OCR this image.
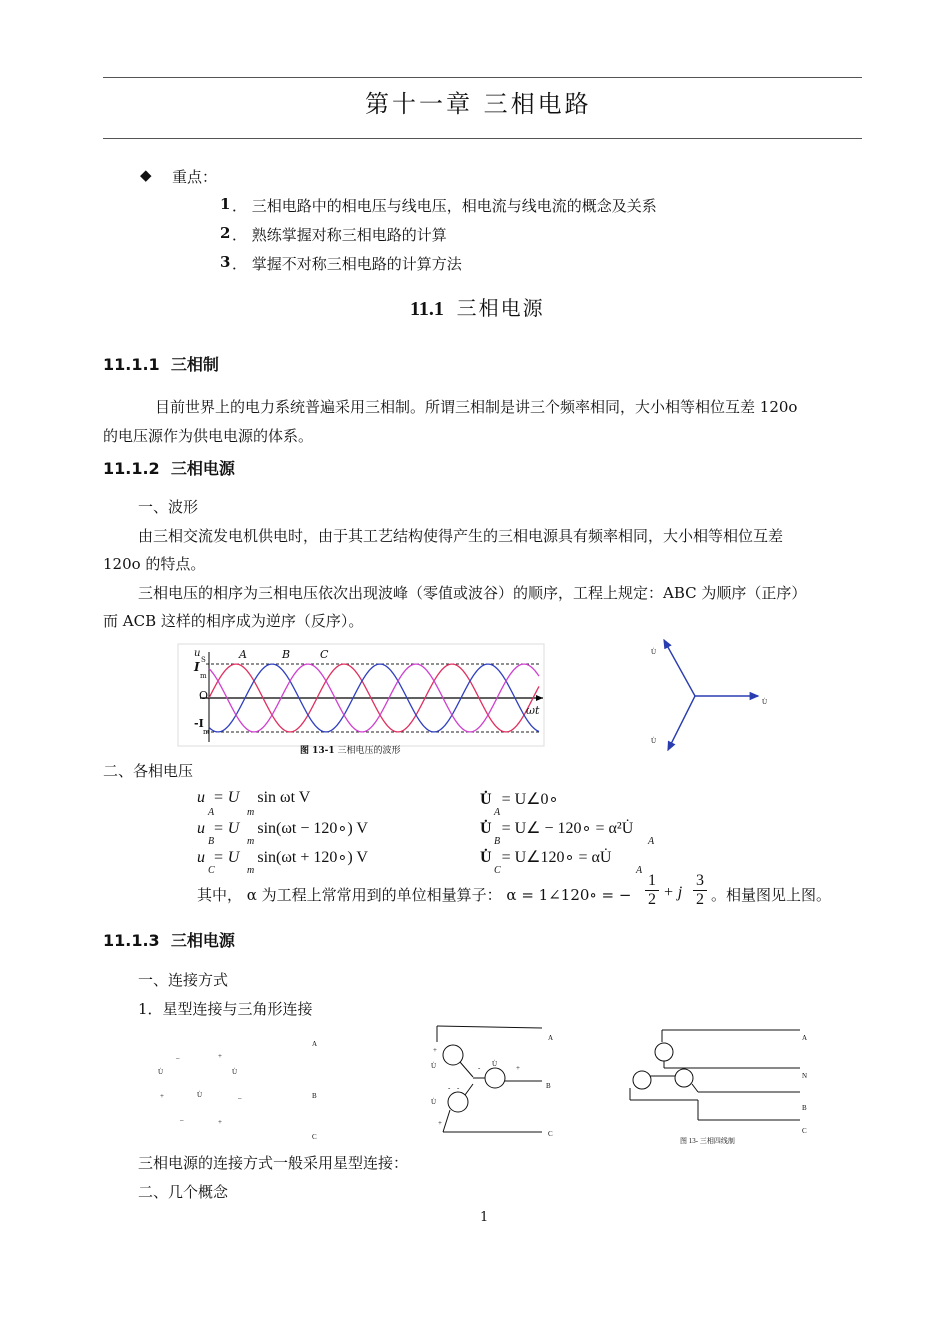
第十一章 三相电路
◆ 重点：
1 ． 三相电路中的相电压与线电压，相电流与线电流的概念及关系
2 ． 熟练掌握对称三相电路的计算
3 ． 掌握不对称三相电路的计算方法
11.1 三相电源
11.1.1 三相制
目前世界上的电力系统普遍采用三相制。所谓三相制是讲三个频率相同，大小相等相位互差 120o
的电压源作为供电电源的体系。
11.1.2 三相电源
一、波形
由三相交流发电机供电时，由于其工艺结构使得产生的三相电源具有频率相同，大小相等相位互差
120o 的特点。
三相电压的相序为三相电压依次出现波峰（零值或波谷）的顺序，工程上规定：ABC 为顺序（正序）
而 ACB 这样的相序成为逆序（反序）。
u
S
I
m
O
-I
m
A	B	C
ωt
图 13-1 三相电压的波形
U̇
U̇
U̇
二、各相电压
u = U sin ωt V
A	m
u = U sin(ωt − 120∘) V
B	m
u = U sin(ωt + 120∘) V
C	m
U̇ = U∠0∘
A
U̇ = U∠ − 120∘ = α²U̇
B	A
U̇ = U∠120∘ = αU̇
C	A
其中， α 为工程上常常用到的单位相量算子： α = 1∠120∘ = − $\frac{1}{2} + j \frac{3}{2}$ 。相量图见上图。
11.1.3 三相电源
一、连接方式
1．星型连接与三角形连接
–	+
U̇	U̇
+	U̇	–
–	+
A
B
C
A
B
C
+
U̇	- U̇	+
- -
U̇
+
A
N
B
C
图 13- 三相四线制
三相电源的连接方式一般采用星型连接：
二、几个概念
1
